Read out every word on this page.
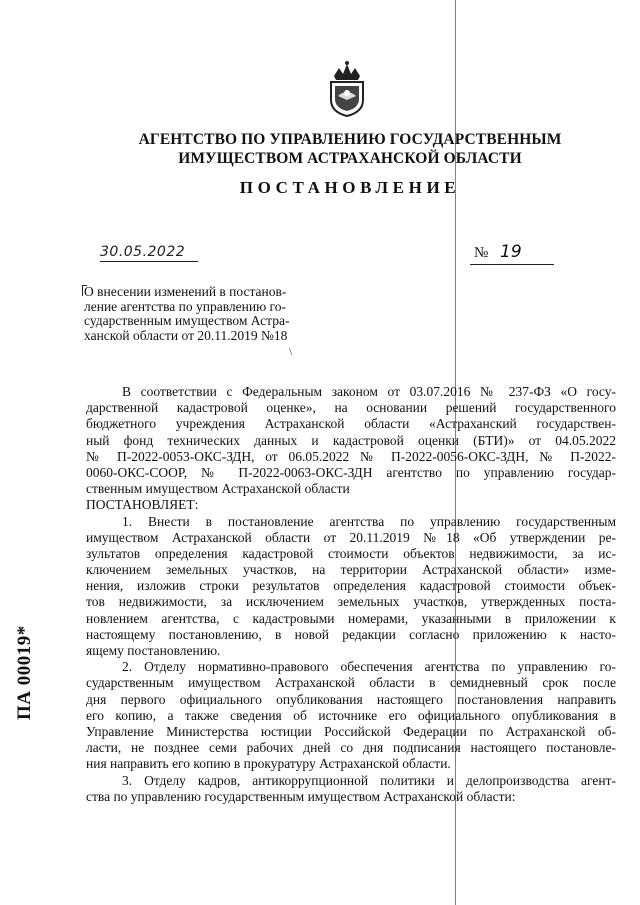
АГЕНТСТВО ПО УПРАВЛЕНИЮ ГОСУДАРСТВЕННЫМ
ИМУЩЕСТВОМ АСТРАХАНСКОЙ ОБЛАСТИ
ПОСТАНОВЛЕНИЕ
30.05.2022	№ 19
О внесении изменений в постанов-
ление агентства по управлению го-
сударственным имуществом Астра-
ханской области от 20.11.2019 №18
\
В соответствии с Федеральным законом от 03.07.2016 № 237-ФЗ «О госу-
дарственной кадастровой оценке», на основании решений государственного
бюджетного учреждения Астраханской области «Астраханский государствен-
ный фонд технических данных и кадастровой оценки (БТИ)» от 04.05.2022
№ П-2022-0053-ОКС-ЗДН, от 06.05.2022 № П-2022-0056-ОКС-ЗДН, № П-2022-
0060-ОКС-СООР, № П-2022-0063-ОКС-ЗДН агентство по управлению государ-
ственным имуществом Астраханской области
ПОСТАНОВЛЯЕТ:
1. Внести в постановление агентства по управлению государственным
имуществом Астраханской области от 20.11.2019 №18 «Об утверждении ре-
зультатов определения кадастровой стоимости объектов недвижимости, за ис-
ключением земельных участков, на территории Астраханской области» изме-
нения, изложив строки результатов определения кадастровой стоимости объек-
тов недвижимости, за исключением земельных участков, утвержденных поста-
новлением агентства, с кадастровыми номерами, указанными в приложении к
настоящему постановлению, в новой редакции согласно приложению к насто-
ящему постановлению.
2. Отделу нормативно-правового обеспечения агентства по управлению го-
сударственным имуществом Астраханской области в семидневный срок после
дня первого официального опубликования настоящего постановления направить
его копию, а также сведения об источнике его официального опубликования в
Управление Министерства юстиции Российской Федерации по Астраханской об-
ласти, не позднее семи рабочих дней со дня подписания настоящего постановле-
ния направить его копию в прокуратуру Астраханской области.
3. Отделу кадров, антикоррупционной политики и делопроизводства агент-
ства по управлению государственным имуществом Астраханской области:
ПА 00019*
